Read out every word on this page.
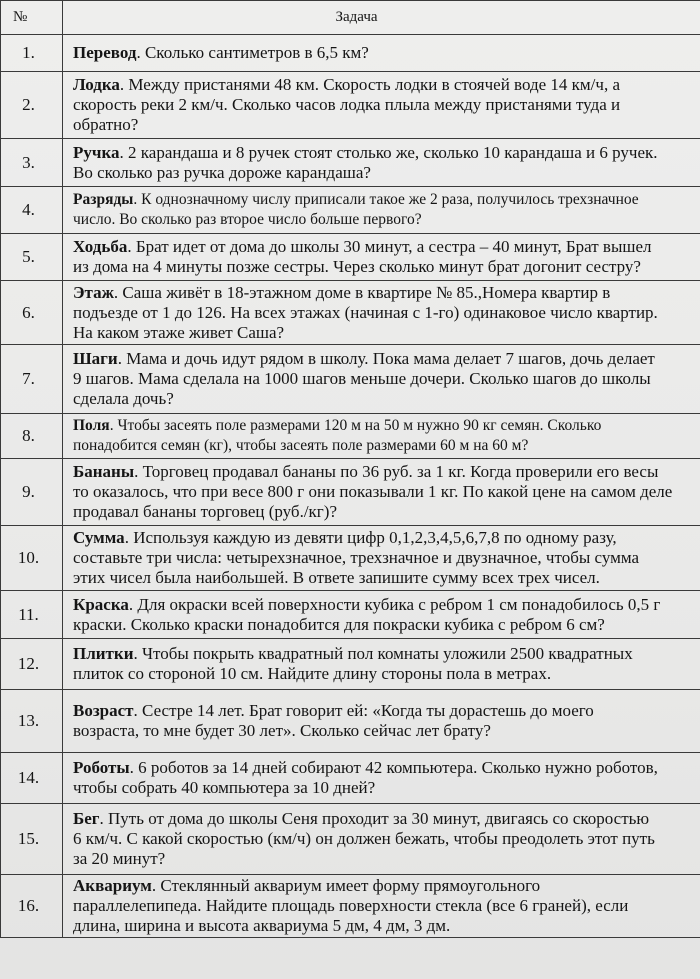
№	Задача
1.	Перевод. Сколько сантиметров в 6,5 км?

2.	Лодка. Между пристанями 48 км. Скорость лодки в стоячей воде 14 км/ч, а
скорость реки 2 км/ч. Сколько часов лодка плыла между пристанями туда и
обратно?

3.	Ручка. 2 карандаша и 8 ручек стоят столько же, сколько 10 карандаша и 6 ручек.
Во сколько раз ручка дороже карандаша?

4.	Разряды. К однозначному числу приписали такое же 2 раза, получилось трехзначное
число. Во сколько раз второе число больше первого?

5.	Ходьба. Брат идет от дома до школы 30 минут, а сестра – 40 минут, Брат вышел
из дома на 4 минуты позже сестры. Через сколько минут брат догонит сестру?

6.	Этаж. Саша живёт в 18-этажном доме в квартире № 85.,Номера квартир в
подъезде от 1 до 126. На всех этажах (начиная с 1-го) одинаковое число квартир.
На каком этаже живет Саша?

7.	Шаги. Мама и дочь идут рядом в школу. Пока мама делает 7 шагов, дочь делает
9 шагов. Мама сделала на 1000 шагов меньше дочери. Сколько шагов до школы
сделала дочь?

8.	Поля. Чтобы засеять поле размерами 120 м на 50 м нужно 90 кг семян. Сколько
понадобится семян (кг), чтобы засеять поле размерами 60 м на 60 м?

9.	Бананы. Торговец продавал бананы по 36 руб. за 1 кг. Когда проверили его весы
то оказалось, что при весе 800 г они показывали 1 кг. По какой цене на самом деле
продавал бананы торговец (руб./кг)?

10.	Сумма. Используя каждую из девяти цифр 0,1,2,3,4,5,6,7,8 по одному разу,
составьте три числа: четырехзначное, трехзначное и двузначное, чтобы сумма
этих чисел была наибольшей. В ответе запишите сумму всех трех чисел.

11.	Краска. Для окраски всей поверхности кубика с ребром 1 см понадобилось 0,5 г
краски. Сколько краски понадобится для покраски кубика с ребром 6 см?

12.	Плитки. Чтобы покрыть квадратный пол комнаты уложили 2500 квадратных
плиток со стороной 10 см. Найдите длину стороны пола в метрах.

13.	Возраст. Сестре 14 лет. Брат говорит ей: «Когда ты дорастешь до моего
возраста, то мне будет 30 лет». Сколько сейчас лет брату?

14.	Роботы. 6 роботов за 14 дней собирают 42 компьютера. Сколько нужно роботов,
чтобы собрать 40 компьютера за 10 дней?

15.	Бег. Путь от дома до школы Сеня проходит за 30 минут, двигаясь со скоростью
6 км/ч. С какой скоростью (км/ч) он должен бежать, чтобы преодолеть этот путь
за 20 минут?

16.	Аквариум. Стеклянный аквариум имеет форму прямоугольного
параллелепипеда. Найдите площадь поверхности стекла (все 6 граней), если
длина, ширина и высота аквариума 5 дм, 4 дм, 3 дм.
